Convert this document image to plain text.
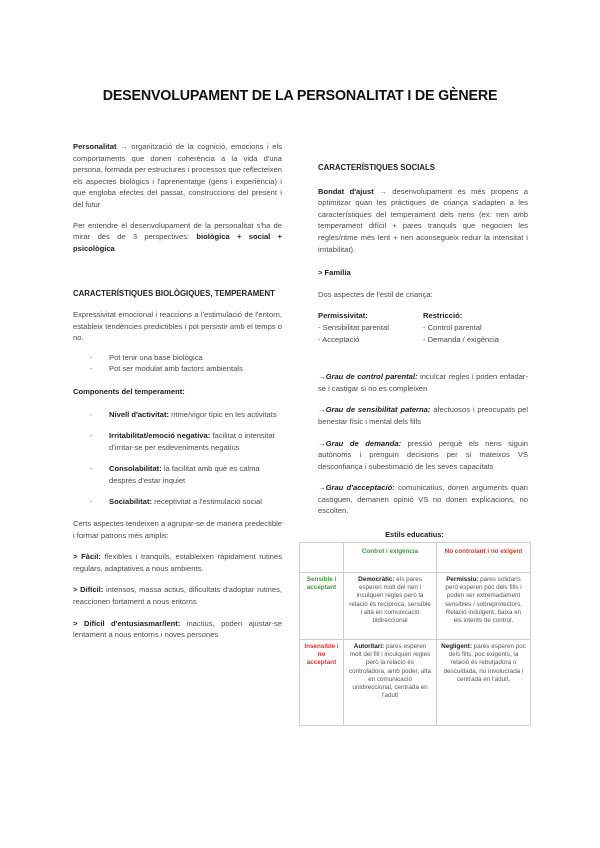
DESENVOLUPAMENT DE LA PERSONALITAT I DE GÈNERE

Personalitat → organització de la cognició, emocions i els comportaments que donen coherència a la vida d'una persona, formada per estructures i processos que reflecteixen els aspectes biològics i l'aprenentatge (gens i experiència) i que engloba efectes del passat, construccions del present i del futur

Per entendre el desenvolupament de la personalitat s'ha de mirar des de 3 perspectives: biològica + social + psicològica

CARACTERÍSTIQUES BIOLÒGIQUES, TEMPERAMENT

Expressivitat emocional i reaccions a l'estimulació de l'entorn, estableix tendències predictibles i pot persistir amb el temps o no.

- Pot tenir una base biològica

- Pot ser modulat amb factors ambientals

Components del temperament:

- Nivell d'activitat: ritme/vigor típic en les activitats

- Irritabilitat/emoció negativa: facilitat o intensitat d'irritar-se per esdeveniments negatius

- Consolabilitat: la facilitat amb què es calma després d'estar inquiet

- Sociabilitat: receptivitat a l'estimulació social

Certs aspectes tendeixen a agrupar-se de manera predectible i formar patrons més amplis:

> Fàcil: flexibles i tranquils, estableixen ràpidament rutines regulars, adaptatives a nous ambients.

> Difícil: intensos, massa actius, dificultats d'adoptar rutines, reaccionen fortament a nous entorns

> Difícil d'entusiasmar/lent: inactius, poden ajustar-se lentament a nous entorns i noves persones

CARACTERÍSTIQUES SOCIALS

Bondat d'ajust → desenvolupament és més propens a optimitzar quan les pràctiques de criança s'adapten a les característiques del temperament dels nens (ex: nen amb temperament difícil + pares tranquils que negocien les regles/ritme més lent + nen aconsegueix reduir la intensitat i irritabilitat).

> Família

Dos aspectes de l'estil de criança:

Permissivitat:

- Sensibilitat parental

- Acceptació

Restricció:

- Control parental

- Demanda / exigència

→Grau de control parental: inculcar regles i poden enfadar-se i castigar si no es compleixen

→Grau de sensibilitat paterna: afectuosos i preocupats pel benestar físic i mental dels fills

→Grau de demanda: pressió perquè els nens siguin autònoms i prenguin decisions per si mateixos VS desconfiança i subestimació de les seves capacitats

→Grau d'acceptació: comunicatius, donen arguments quan castiguen, demanen opinió VS no donen explicacions, no escolten.

Estils educatius:
	Control i exigència	No controlant i no exigent
Sensible i acceptant	Democràtic: els pares esperen molt del nen i inculquen regles però la relació és recíproca, sensible i alta en comunicació bidireccional	Permissiu: pares solidaris però esperen poc dels fills i poden ser extremadament sensibles / sobreprotectors. Relació indulgent, baixa en els intents de control.
Insensible i no acceptant	Autoritari: pares esperen molt del fill i inculquen regles però la relació és controladora, amb poder, alta en comunicació unidireccional, centrada en l'adult	Negligent: pares esperen poc dels fills, poc exigents, la relació és rebutjadora o descuidada, no involucrada i centrada en l'adult.
